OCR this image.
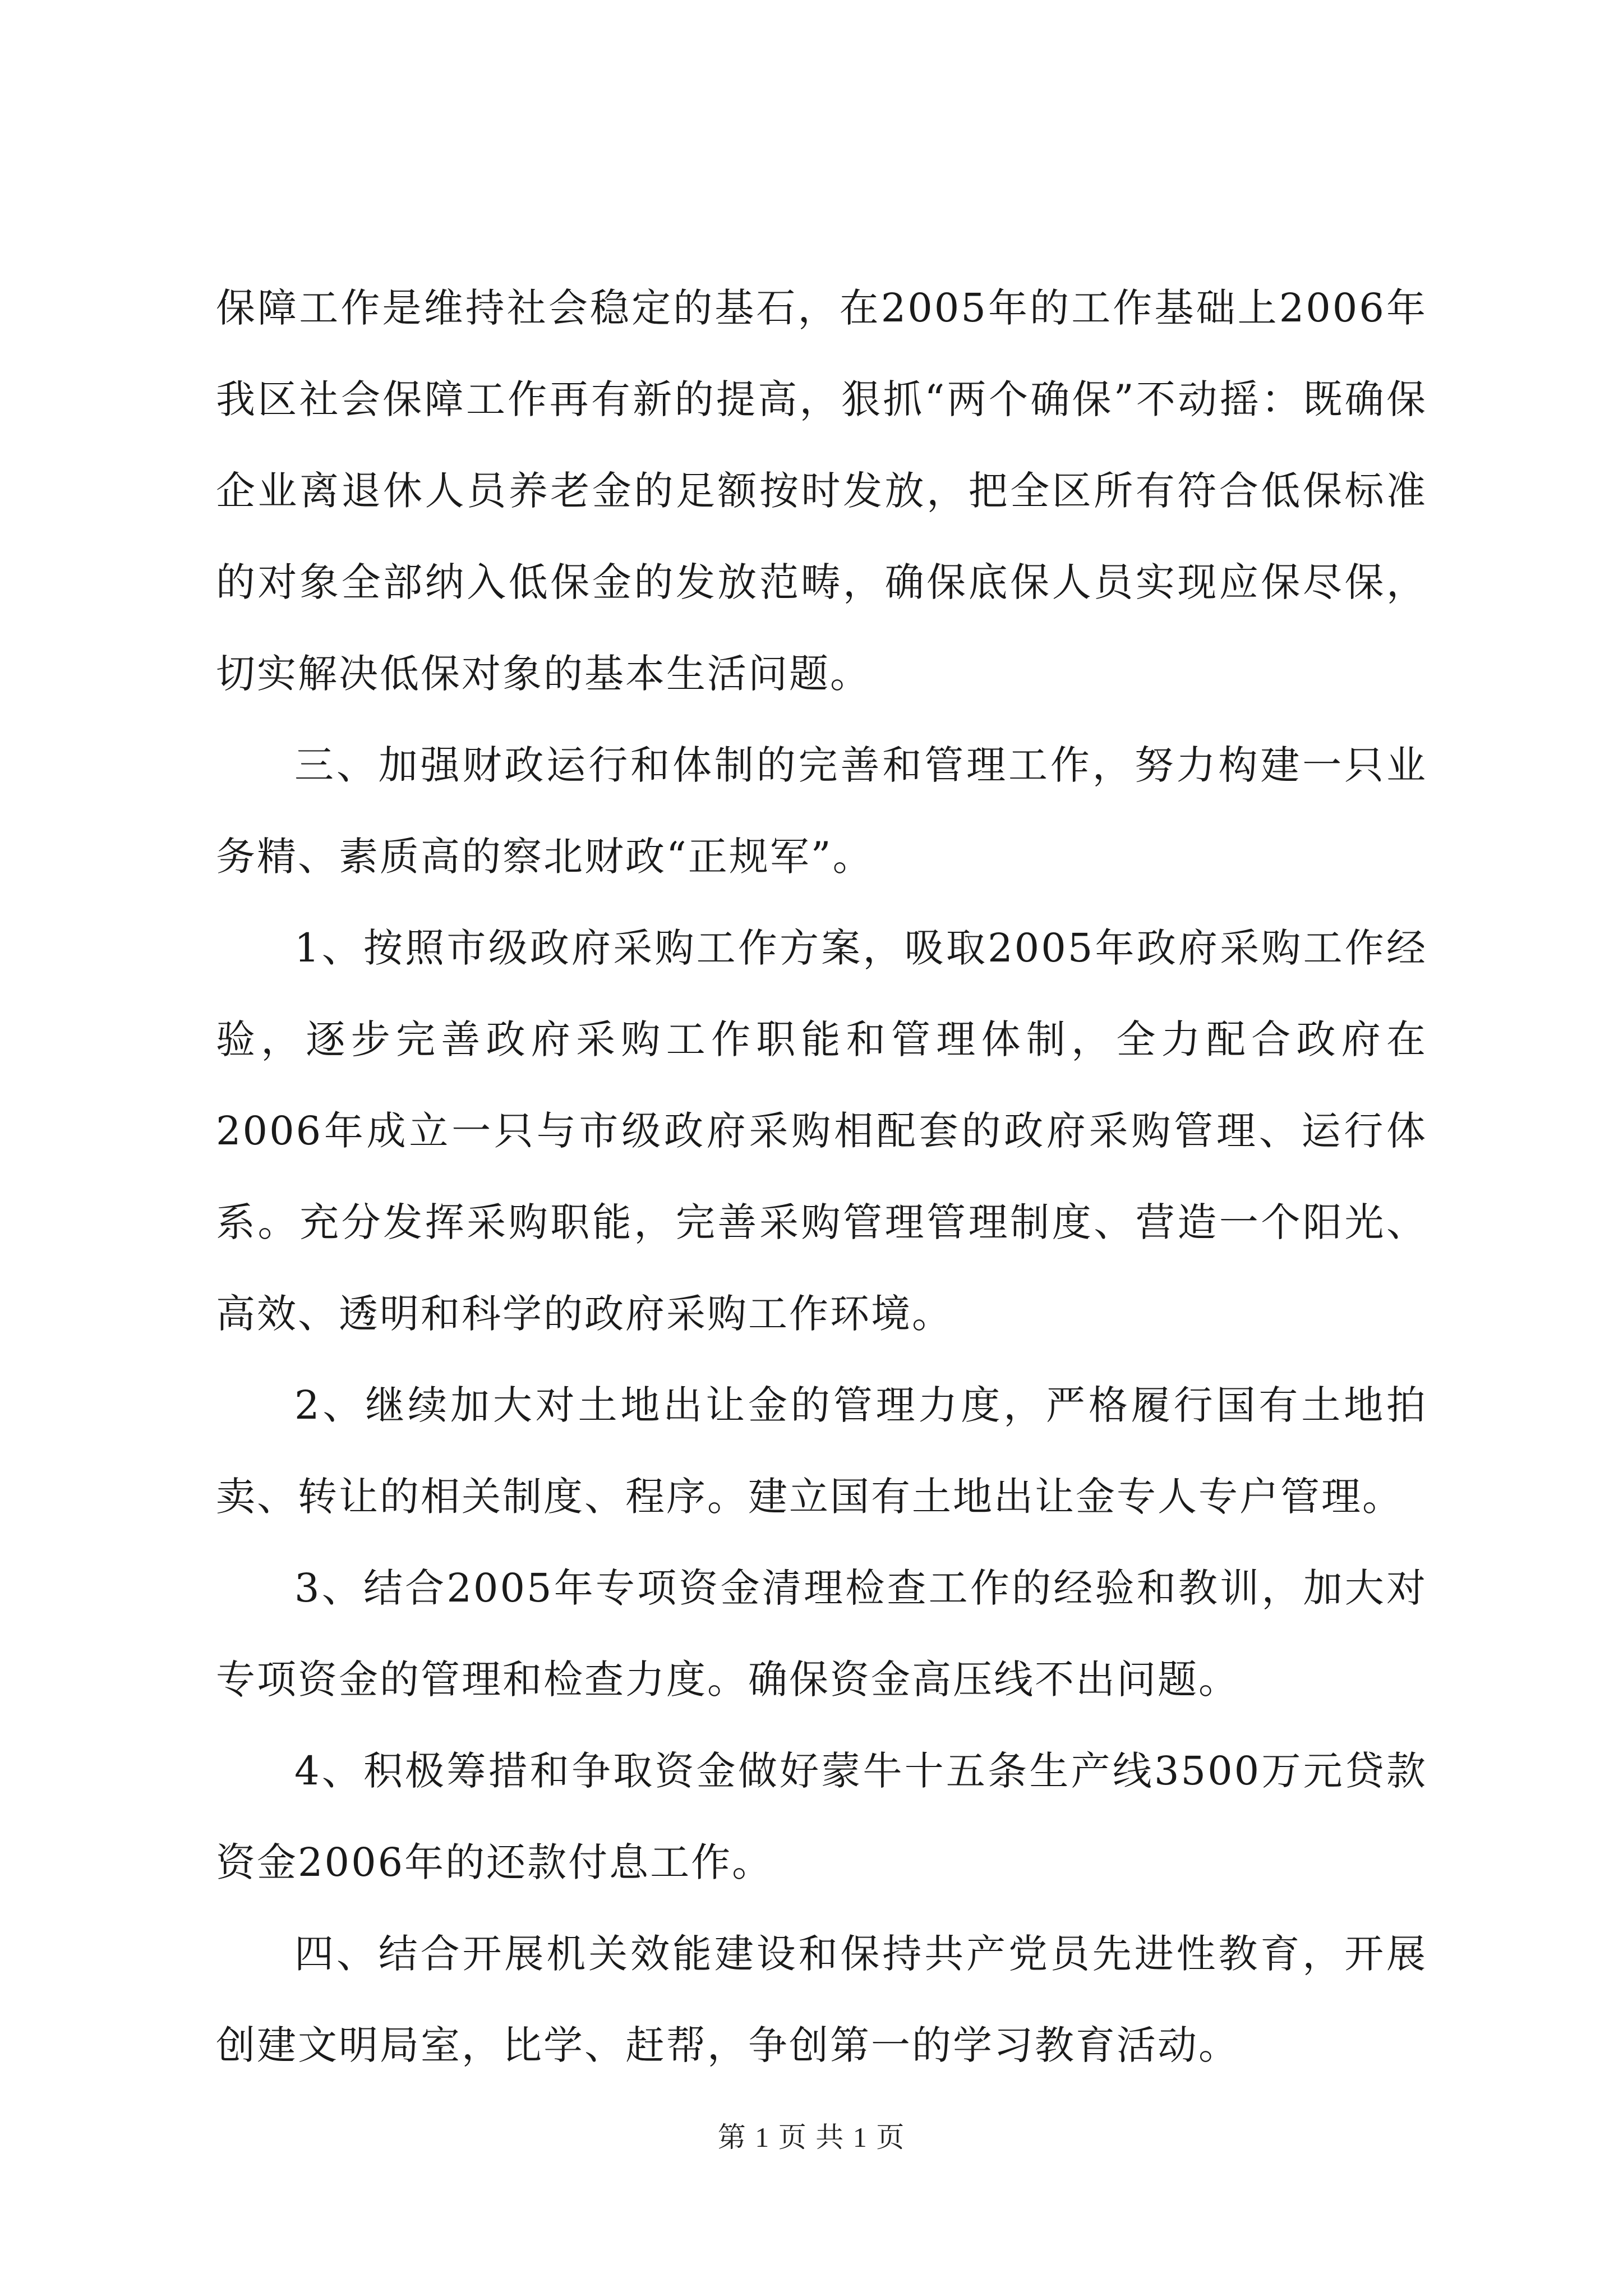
保障工作是维持社会稳定的基石，在2005年的工作基础上2006年我区社会保障工作再有新的提高，狠抓“两个确保”不动摇：既确保企业离退休人员养老金的足额按时发放，把全区所有符合低保标准的对象全部纳入低保金的发放范畴，确保底保人员实现应保尽保，切实解决低保对象的基本生活问题。

三、加强财政运行和体制的完善和管理工作，努力构建一只业务精、素质高的察北财政“正规军”。

1、按照市级政府采购工作方案，吸取2005年政府采购工作经验，逐步完善政府采购工作职能和管理体制，全力配合政府在2006年成立一只与市级政府采购相配套的政府采购管理、运行体系。充分发挥采购职能，完善采购管理管理制度、营造一个阳光、高效、透明和科学的政府采购工作环境。

2、继续加大对土地出让金的管理力度，严格履行国有土地拍卖、转让的相关制度、程序。建立国有土地出让金专人专户管理。

3、结合2005年专项资金清理检查工作的经验和教训，加大对专项资金的管理和检查力度。确保资金高压线不出问题。

4、积极筹措和争取资金做好蒙牛十五条生产线3500万元贷款资金2006年的还款付息工作。

四、结合开展机关效能建设和保持共产党员先进性教育，开展创建文明局室，比学、赶帮，争创第一的学习教育活动。

第 1 页 共 1 页
